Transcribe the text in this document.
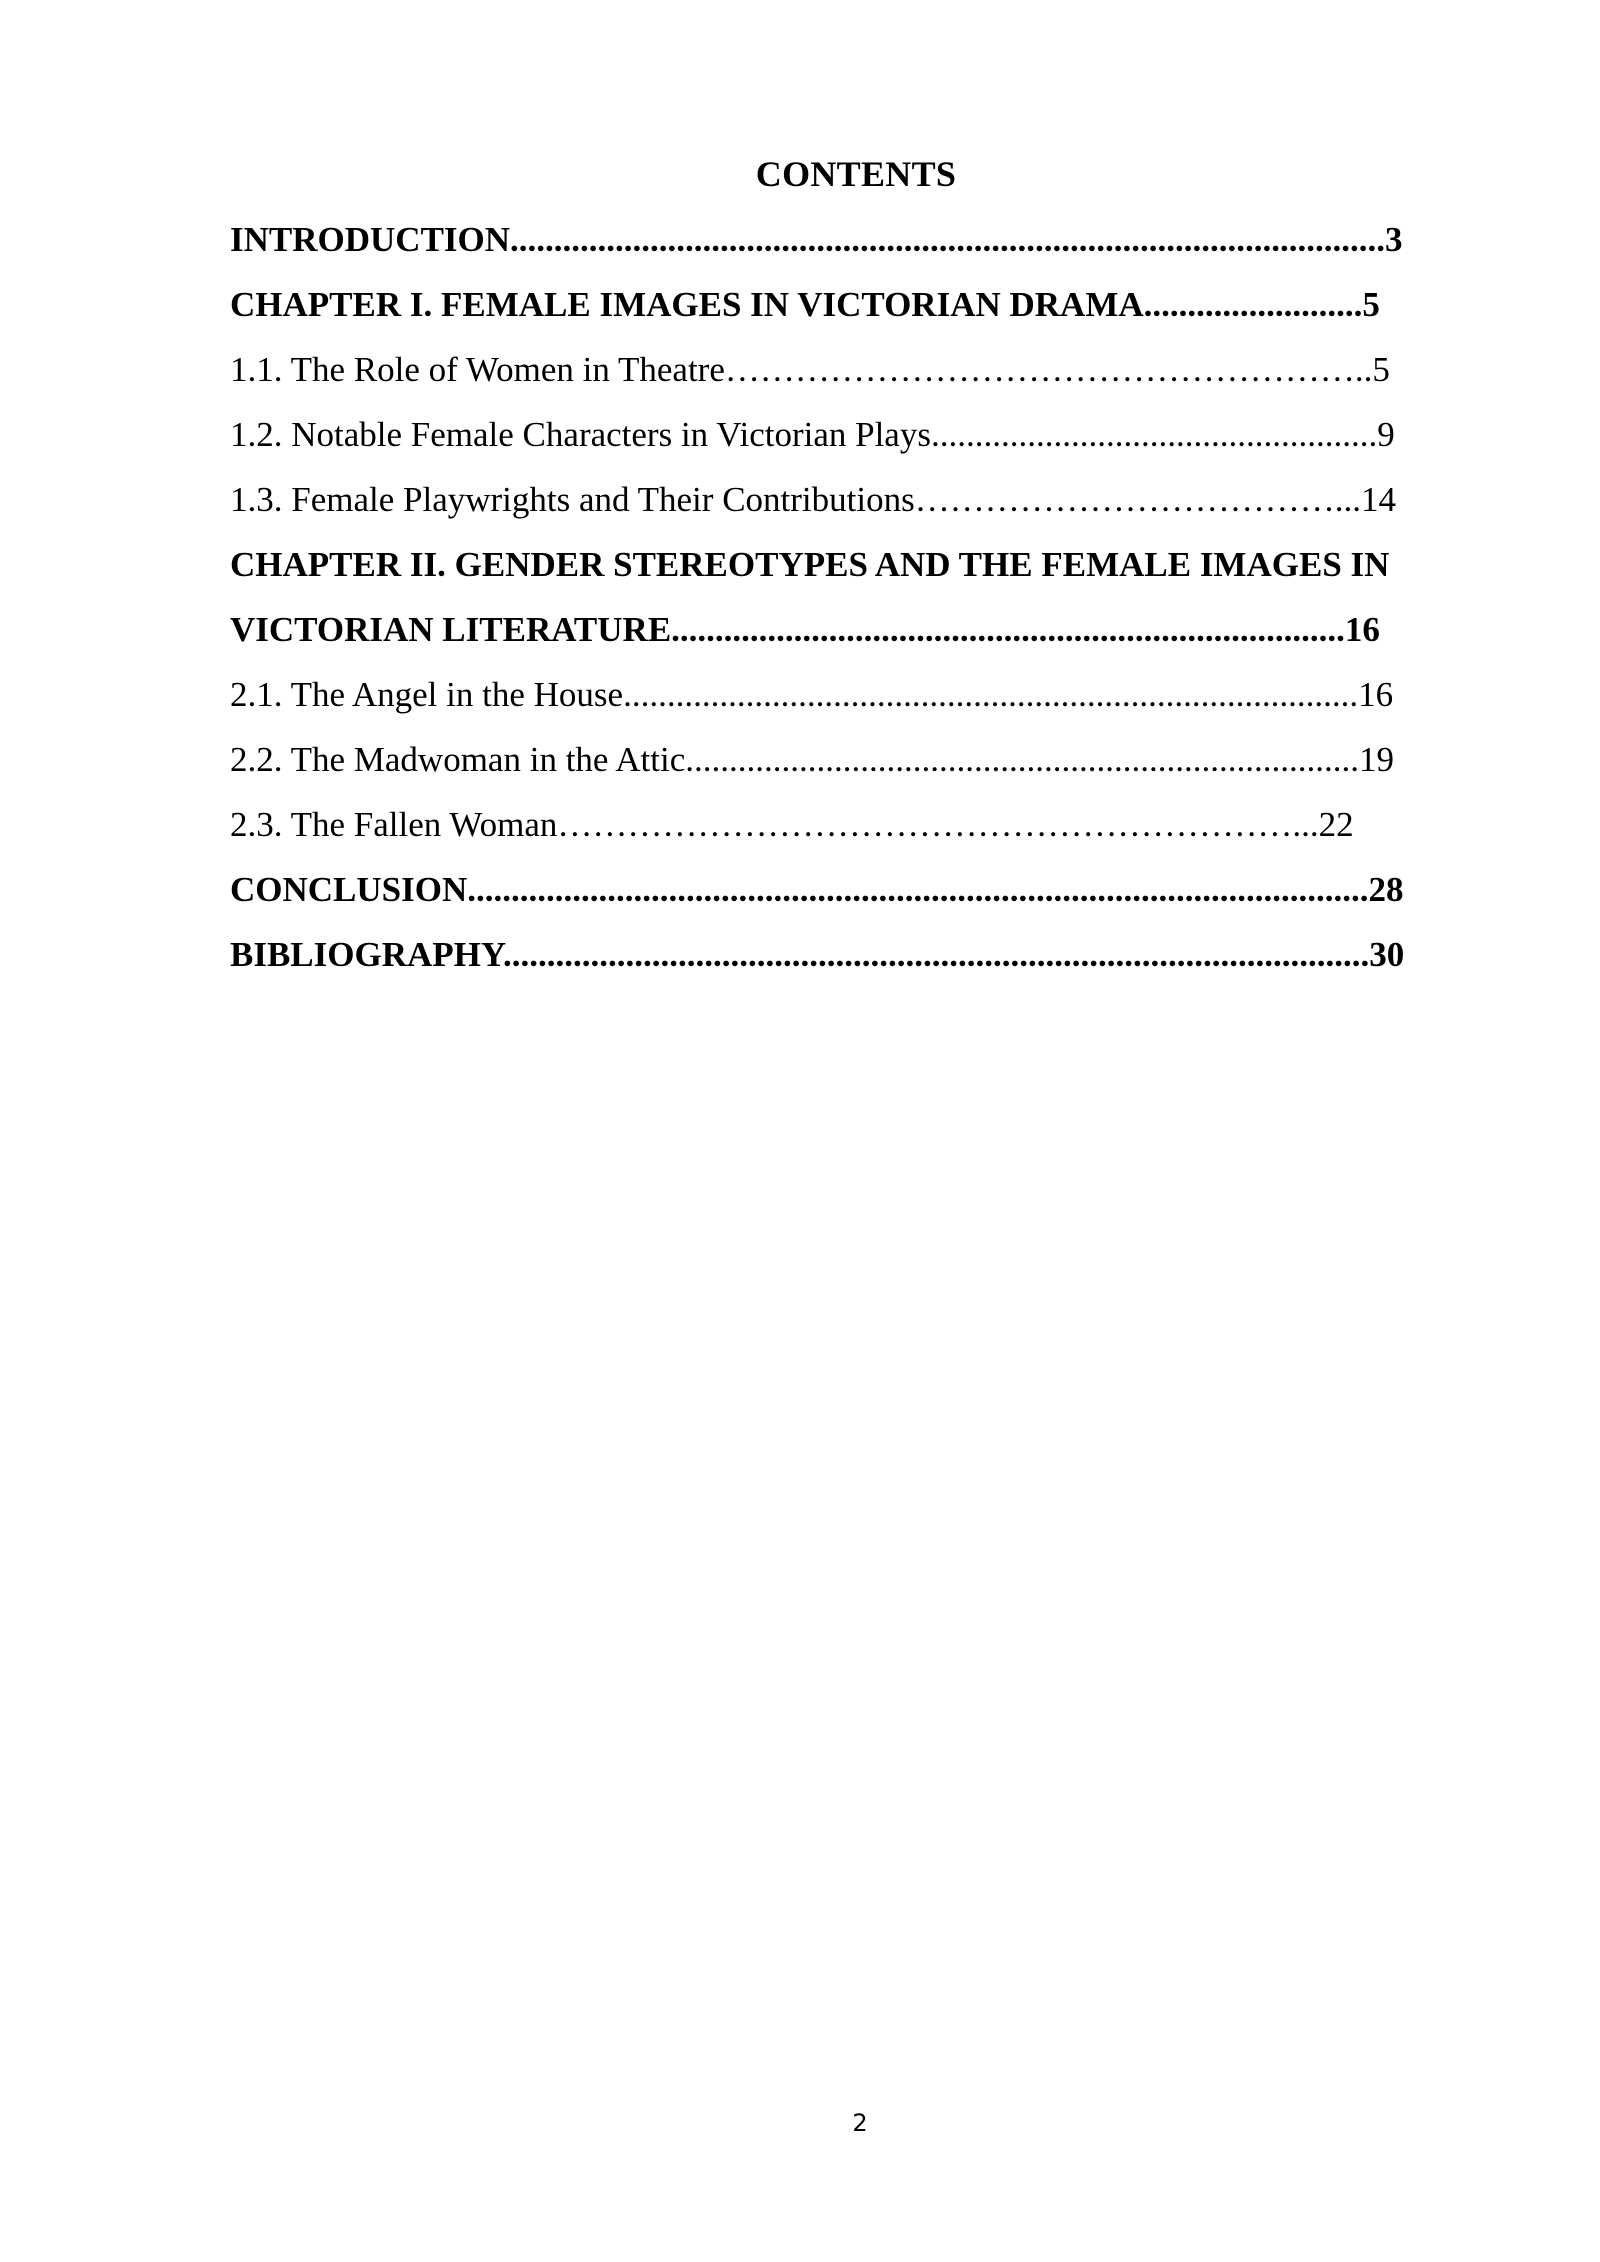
CONTENTS
INTRODUCTION....................................................................................................3
CHAPTER I. FEMALE IMAGES IN VICTORIAN DRAMA.........................5
1.1. The Role of Women in Theatre………………………………………………..5
1.2. Notable Female Characters in Victorian Plays...................................................9
1.3. Female Playwrights and Their Contributions………………………………...14
CHAPTER II. GENDER STEREOTYPES AND THE FEMALE IMAGES IN
VICTORIAN LITERATURE.............................................................................16
2.1. The Angel in the House....................................................................................16
2.2. The Madwoman in the Attic.............................................................................19
2.3. The Fallen Woman………………………………………………………...22
CONCLUSION.......................................................................................................28
BIBLIOGRAPHY...................................................................................................30
2
